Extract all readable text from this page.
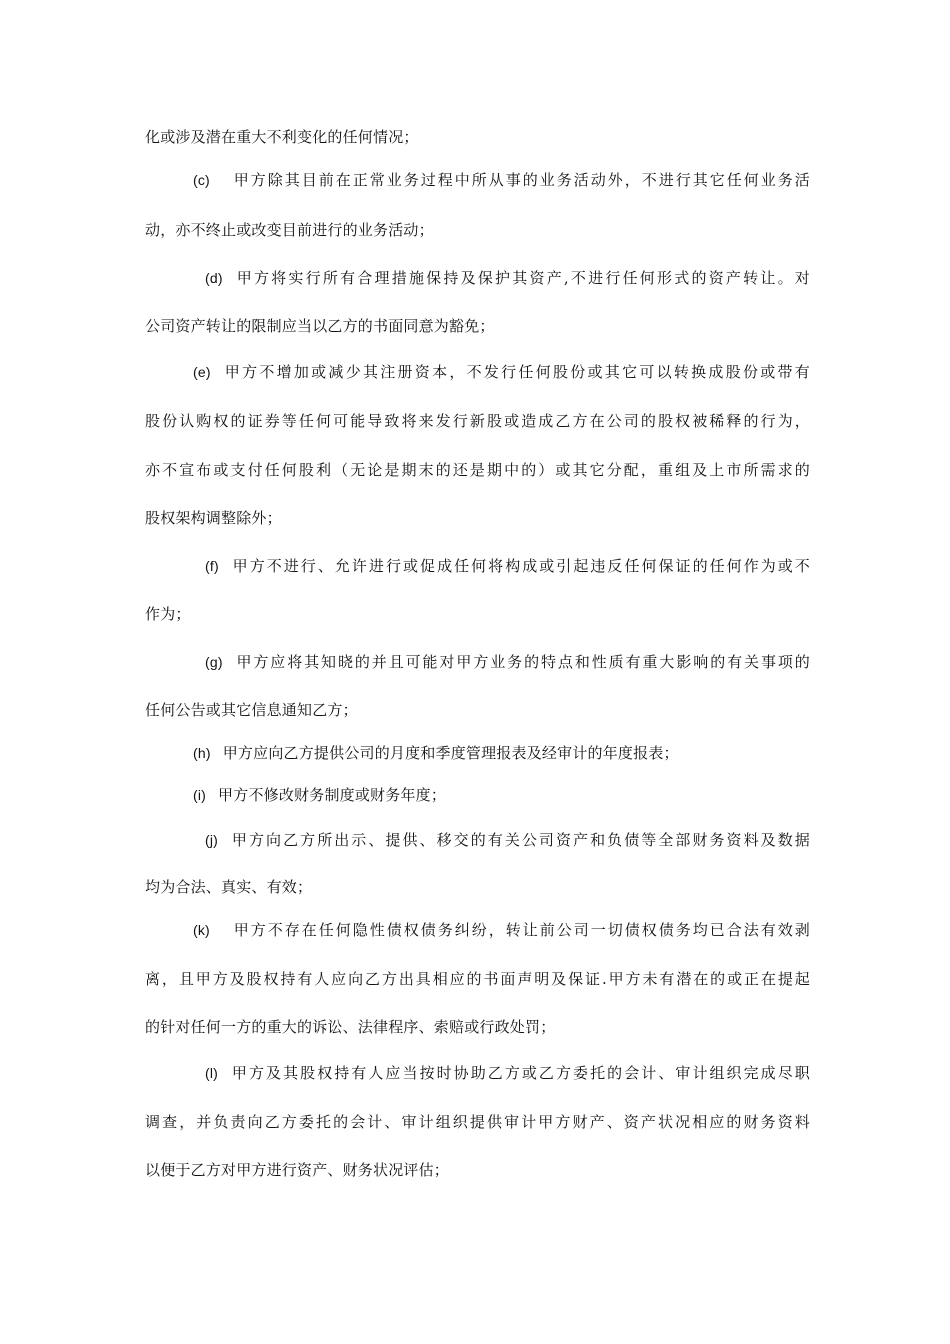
化或涉及潜在重大不利变化的任何情况；
(c) 甲方除其目前在正常业务过程中所从事的业务活动外，不进行其它任何业务活
动，亦不终止或改变目前进行的业务活动；
(d) 甲方将实行所有合理措施保持及保护其资产,不进行任何形式的资产转让。对
公司资产转让的限制应当以乙方的书面同意为豁免；
(e) 甲方不增加或减少其注册资本，不发行任何股份或其它可以转换成股份或带有
股份认购权的证券等任何可能导致将来发行新股或造成乙方在公司的股权被稀释的行为，
亦不宣布或支付任何股利（无论是期末的还是期中的）或其它分配，重组及上市所需求的
股权架构调整除外；
(f) 甲方不进行、允许进行或促成任何将构成或引起违反任何保证的任何作为或不
作为；
(g) 甲方应将其知晓的并且可能对甲方业务的特点和性质有重大影响的有关事项的
任何公告或其它信息通知乙方；
(h) 甲方应向乙方提供公司的月度和季度管理报表及经审计的年度报表；
(i) 甲方不修改财务制度或财务年度；
(j) 甲方向乙方所出示、提供、移交的有关公司资产和负债等全部财务资料及数据
均为合法、真实、有效；
(k) 甲方不存在任何隐性债权债务纠纷，转让前公司一切债权债务均已合法有效剥
离，且甲方及股权持有人应向乙方出具相应的书面声明及保证.甲方未有潜在的或正在提起
的针对任何一方的重大的诉讼、法律程序、索赔或行政处罚；
(l) 甲方及其股权持有人应当按时协助乙方或乙方委托的会计、审计组织完成尽职
调查，并负责向乙方委托的会计、审计组织提供审计甲方财产、资产状况相应的财务资料
以便于乙方对甲方进行资产、财务状况评估；
